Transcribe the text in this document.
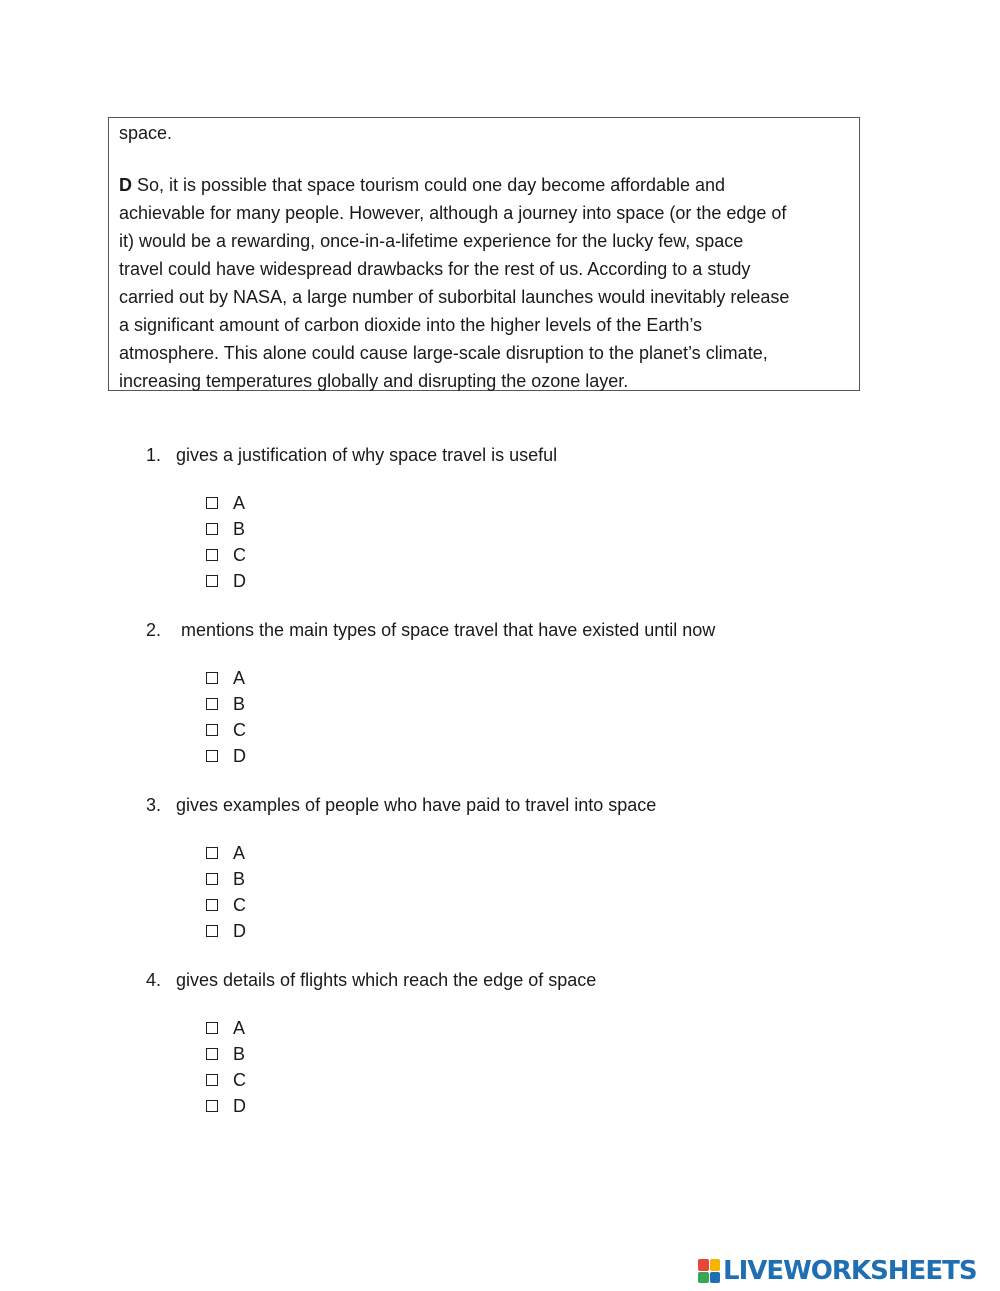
space.

D So, it is possible that space tourism could one day become affordable and
achievable for many people. However, although a journey into space (or the edge of
it) would be a rewarding, once-in-a-lifetime experience for the lucky few, space
travel could have widespread drawbacks for the rest of us. According to a study
carried out by NASA, a large number of suborbital launches would inevitably release
a significant amount of carbon dioxide into the higher levels of the Earth’s
atmosphere. This alone could cause large-scale disruption to the planet’s climate,
increasing temperatures globally and disrupting the ozone layer.

1. gives a justification of why space travel is useful
A
B
C
D
2. mentions the main types of space travel that have existed until now
A
B
C
D
3. gives examples of people who have paid to travel into space
A
B
C
D
4. gives details of flights which reach the edge of space
A
B
C
D
LIVEWORKSHEETS
